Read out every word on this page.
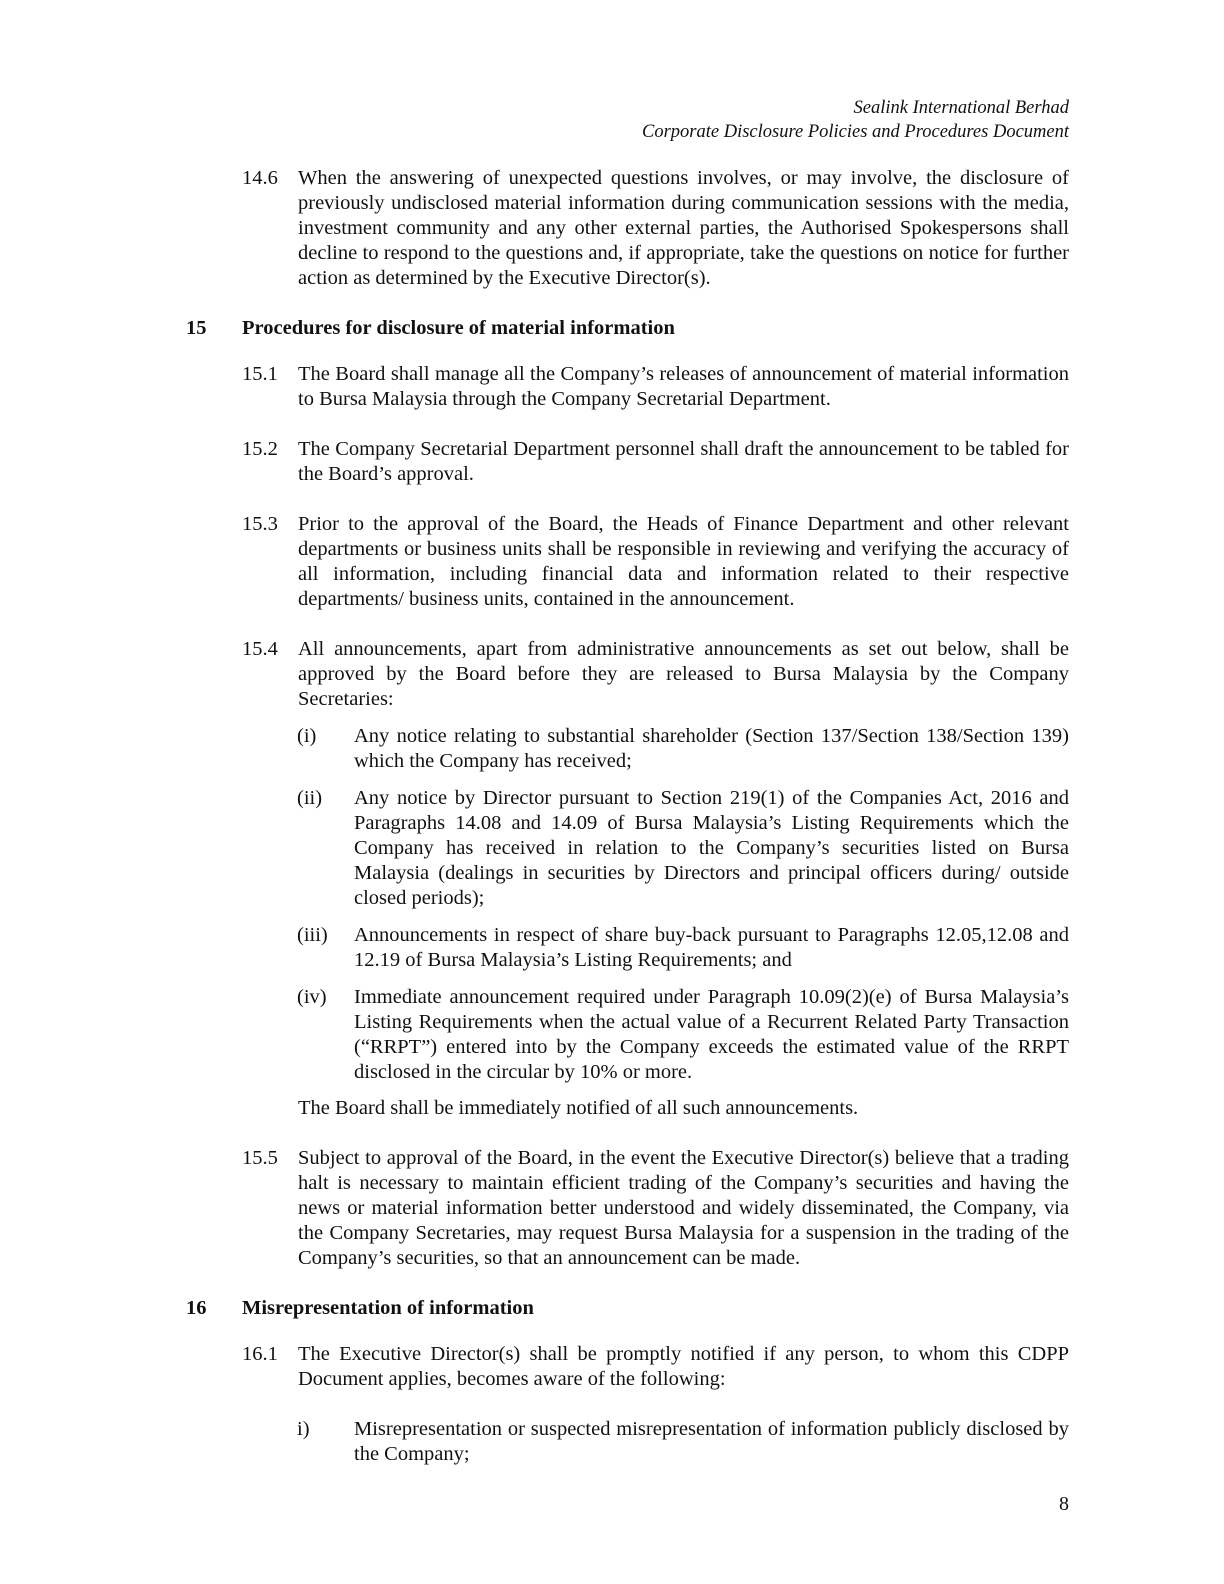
Sealink International Berhad
Corporate Disclosure Policies and Procedures Document
14.6 When the answering of unexpected questions involves, or may involve, the disclosure of previously undisclosed material information during communication sessions with the media, investment community and any other external parties, the Authorised Spokespersons shall decline to respond to the questions and, if appropriate, take the questions on notice for further action as determined by the Executive Director(s).
15 Procedures for disclosure of material information
15.1 The Board shall manage all the Company’s releases of announcement of material information to Bursa Malaysia through the Company Secretarial Department.
15.2 The Company Secretarial Department personnel shall draft the announcement to be tabled for the Board’s approval.
15.3 Prior to the approval of the Board, the Heads of Finance Department and other relevant departments or business units shall be responsible in reviewing and verifying the accuracy of all information, including financial data and information related to their respective departments/ business units, contained in the announcement.
15.4 All announcements, apart from administrative announcements as set out below, shall be approved by the Board before they are released to Bursa Malaysia by the Company Secretaries:
(i) Any notice relating to substantial shareholder (Section 137/Section 138/Section 139) which the Company has received;
(ii) Any notice by Director pursuant to Section 219(1) of the Companies Act, 2016 and Paragraphs 14.08 and 14.09 of Bursa Malaysia’s Listing Requirements which the Company has received in relation to the Company’s securities listed on Bursa Malaysia (dealings in securities by Directors and principal officers during/ outside closed periods);
(iii) Announcements in respect of share buy-back pursuant to Paragraphs 12.05,12.08 and 12.19 of Bursa Malaysia’s Listing Requirements; and
(iv) Immediate announcement required under Paragraph 10.09(2)(e) of Bursa Malaysia’s Listing Requirements when the actual value of a Recurrent Related Party Transaction (“RRPT”) entered into by the Company exceeds the estimated value of the RRPT disclosed in the circular by 10% or more.
The Board shall be immediately notified of all such announcements.
15.5 Subject to approval of the Board, in the event the Executive Director(s) believe that a trading halt is necessary to maintain efficient trading of the Company’s securities and having the news or material information better understood and widely disseminated, the Company, via the Company Secretaries, may request Bursa Malaysia for a suspension in the trading of the Company’s securities, so that an announcement can be made.
16 Misrepresentation of information
16.1 The Executive Director(s) shall be promptly notified if any person, to whom this CDPP Document applies, becomes aware of the following:
i) Misrepresentation or suspected misrepresentation of information publicly disclosed by the Company;
8
